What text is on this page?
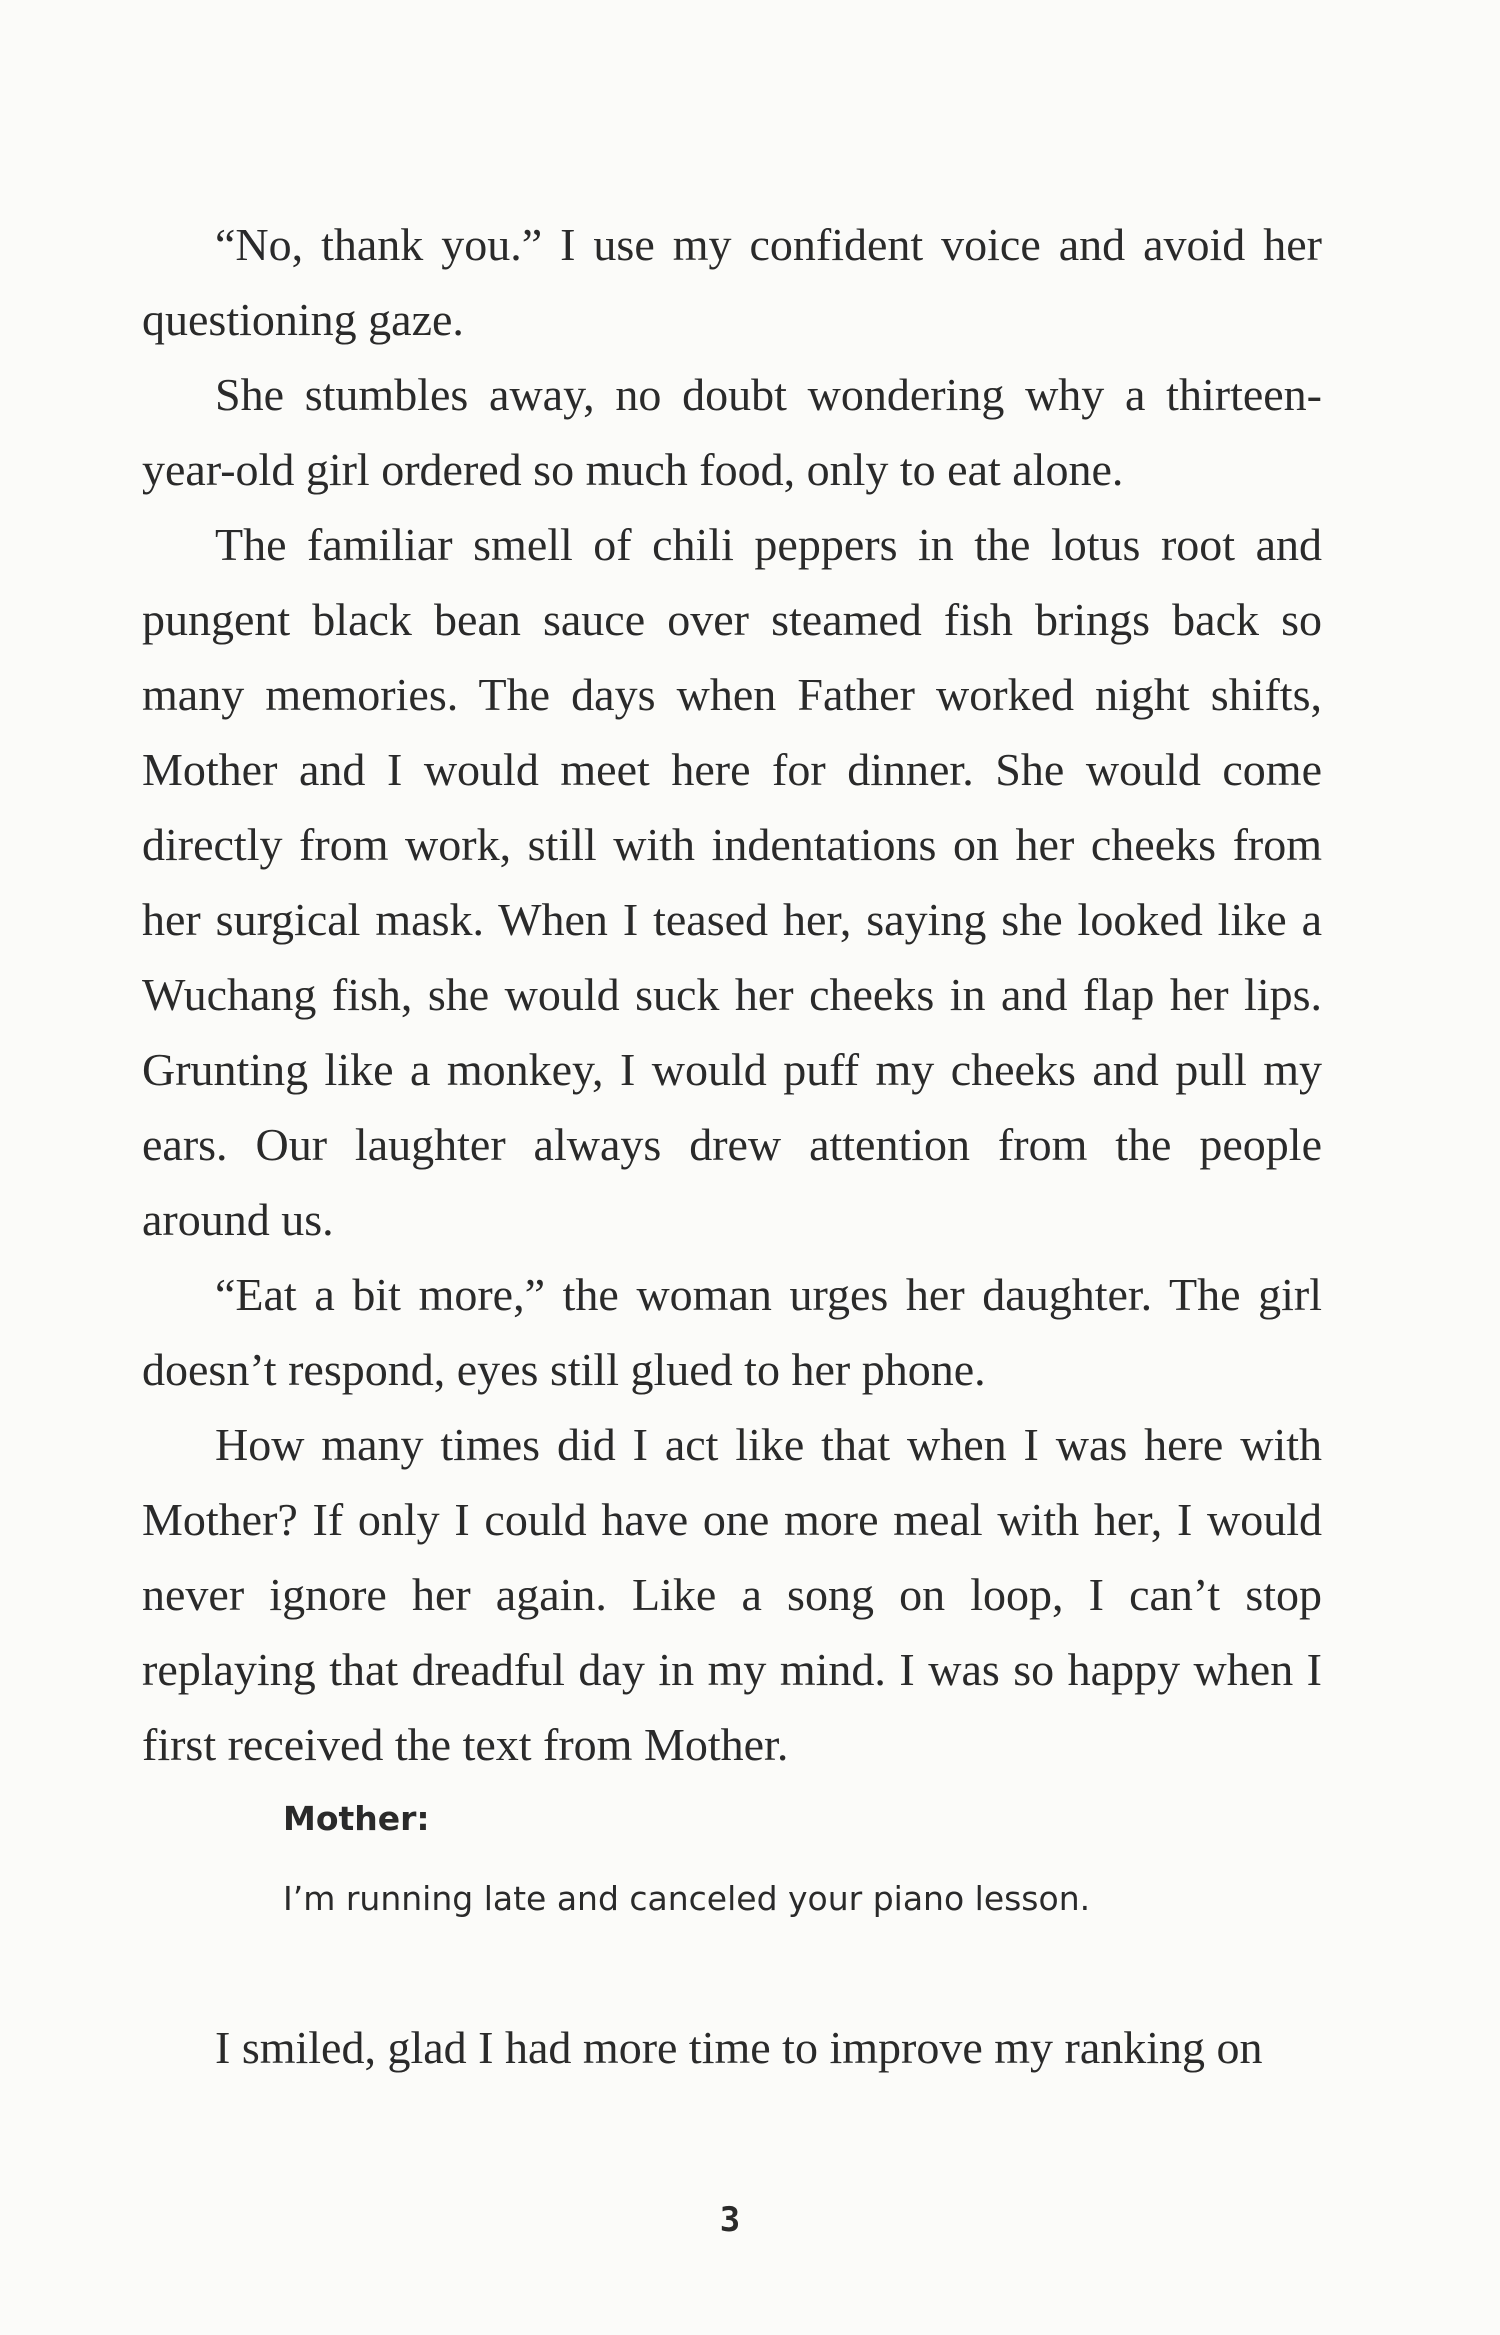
“No, thank you.” I use my confident voice and avoid her questioning gaze.

She stumbles away, no doubt wondering why a thirteen-year-old girl ordered so much food, only to eat alone.

The familiar smell of chili peppers in the lotus root and pungent black bean sauce over steamed fish brings back so many memories. The days when Father worked night shifts, Mother and I would meet here for dinner. She would come directly from work, still with indentations on her cheeks from her surgical mask. When I teased her, saying she looked like a Wuchang fish, she would suck her cheeks in and flap her lips. Grunting like a monkey, I would puff my cheeks and pull my ears. Our laughter always drew attention from the people around us.

“Eat a bit more,” the woman urges her daughter. The girl doesn’t respond, eyes still glued to her phone.

How many times did I act like that when I was here with Mother? If only I could have one more meal with her, I would never ignore her again. Like a song on loop, I can’t stop replaying that dreadful day in my mind. I was so happy when I first received the text from Mother.

Mother:
I’m running late and canceled your piano lesson.

I smiled, glad I had more time to improve my ranking on

3
